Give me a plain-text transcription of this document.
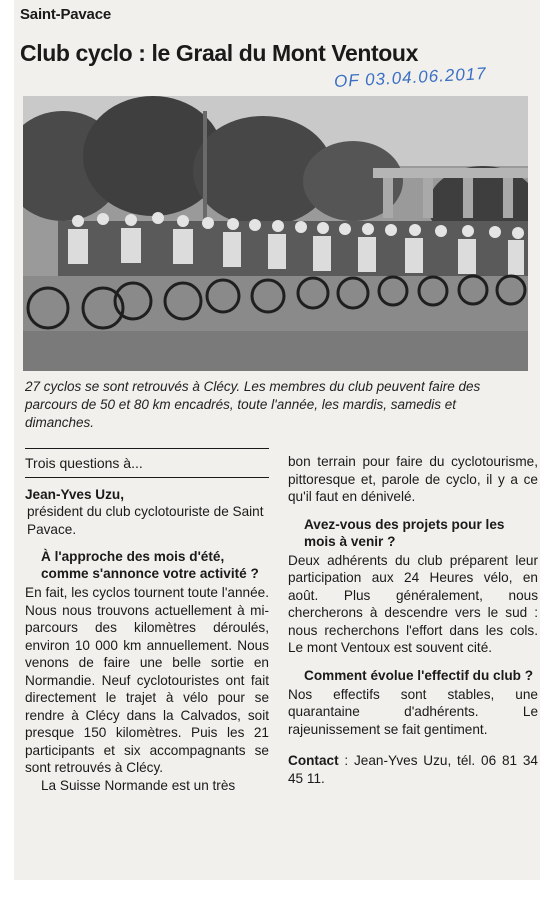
Saint-Pavace
Club cyclo : le Graal du Mont Ventoux
OF 03.04.06.2017
27 cyclos se sont retrouvés à Clécy. Les membres du club peuvent faire des parcours de 50 et 80 km encadrés, toute l'année, les mardis, samedis et dimanches.
Trois questions à...
Jean-Yves Uzu,
président du club cyclotouriste de Saint Pavace.
À l'approche des mois d'été, comme s'annonce votre activité ?

En fait, les cyclos tournent toute l'année. Nous nous trouvons actuellement à mi-parcours des kilomètres déroulés, environ 10 000 km annuellement. Nous venons de faire une belle sortie en Normandie. Neuf cyclotouristes ont fait directement le trajet à vélo pour se rendre à Clécy dans la Calvados, soit presque 150 kilomètres. Puis les 21 participants et six accompagnants se sont retrouvés à Clécy.

La Suisse Normande est un très

bon terrain pour faire du cyclotourisme, pittoresque et, parole de cyclo, il y a ce qu'il faut en dénivelé.

Avez-vous des projets pour les mois à venir ?

Deux adhérents du club préparent leur participation aux 24 Heures vélo, en août. Plus généralement, nous chercherons à descendre vers le sud : nous recherchons l'effort dans les cols. Le mont Ventoux est souvent cité.

Comment évolue l'effectif du club ?

Nos effectifs sont stables, une quarantaine d'adhérents. Le rajeunissement se fait gentiment.

Contact : Jean-Yves Uzu, tél. 06 81 34 45 11.
